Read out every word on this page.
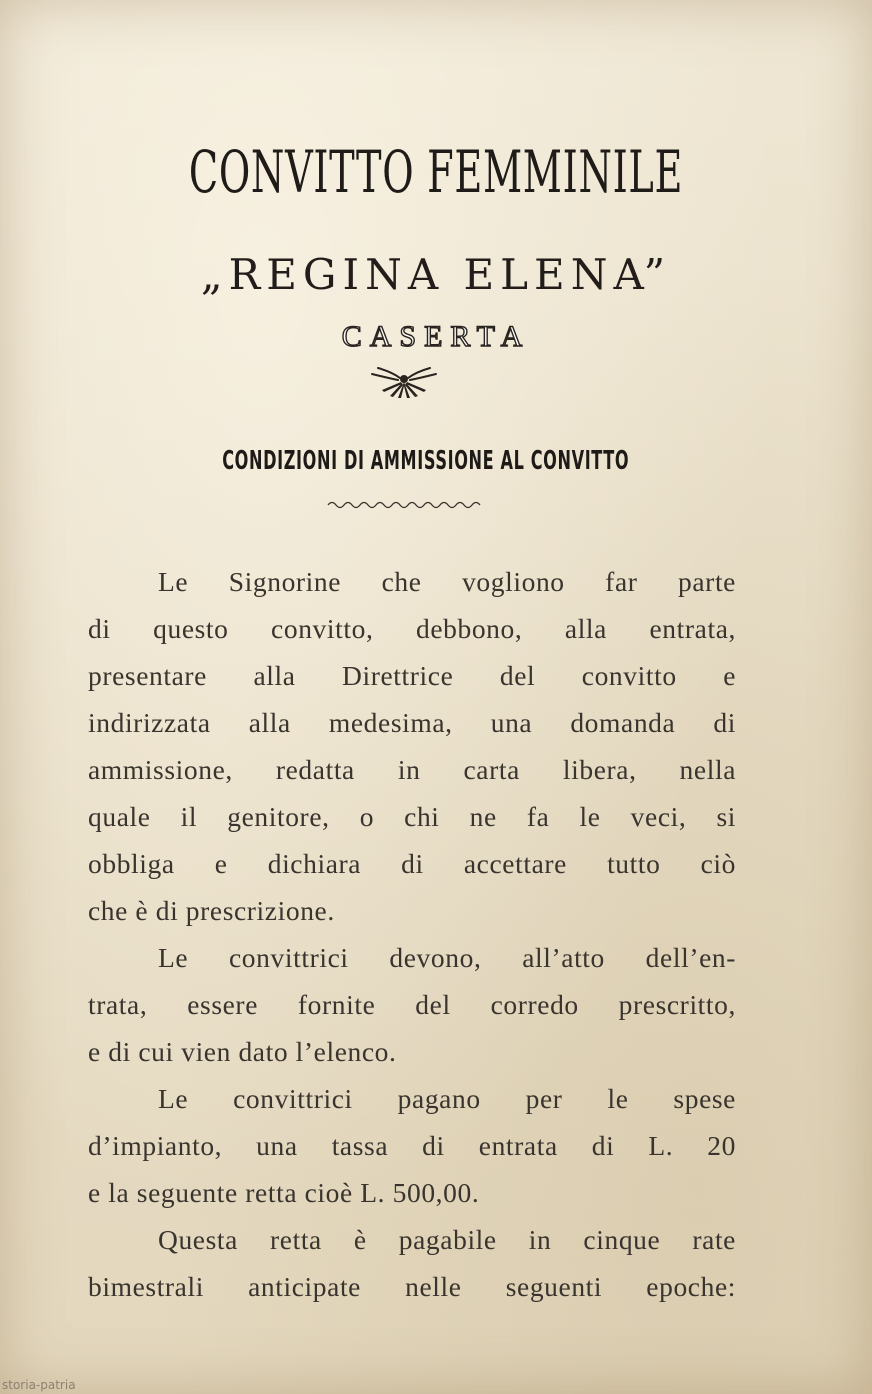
CONVITTO FEMMINILE
„REGINA ELENA”
CASERTA
CONDIZIONI DI AMMISSIONE AL CONVITTO
Le Signorine che vogliono far parte
di questo convitto, debbono, alla entrata,
presentare alla Direttrice del convitto e
indirizzata alla medesima, una domanda di
ammissione, redatta in carta libera, nella
quale il genitore, o chi ne fa le veci, si
obbliga e dichiara di accettare tutto ciò
che è di prescrizione.
Le convittrici devono, all’atto dell’en-
trata, essere fornite del corredo prescritto,
e di cui vien dato l’elenco.
Le convittrici pagano per le spese
d’impianto, una tassa di entrata di L. 20
e la seguente retta cioè L. 500,00.
Questa retta è pagabile in cinque rate
bimestrali anticipate nelle seguenti epoche:
storia-patria
